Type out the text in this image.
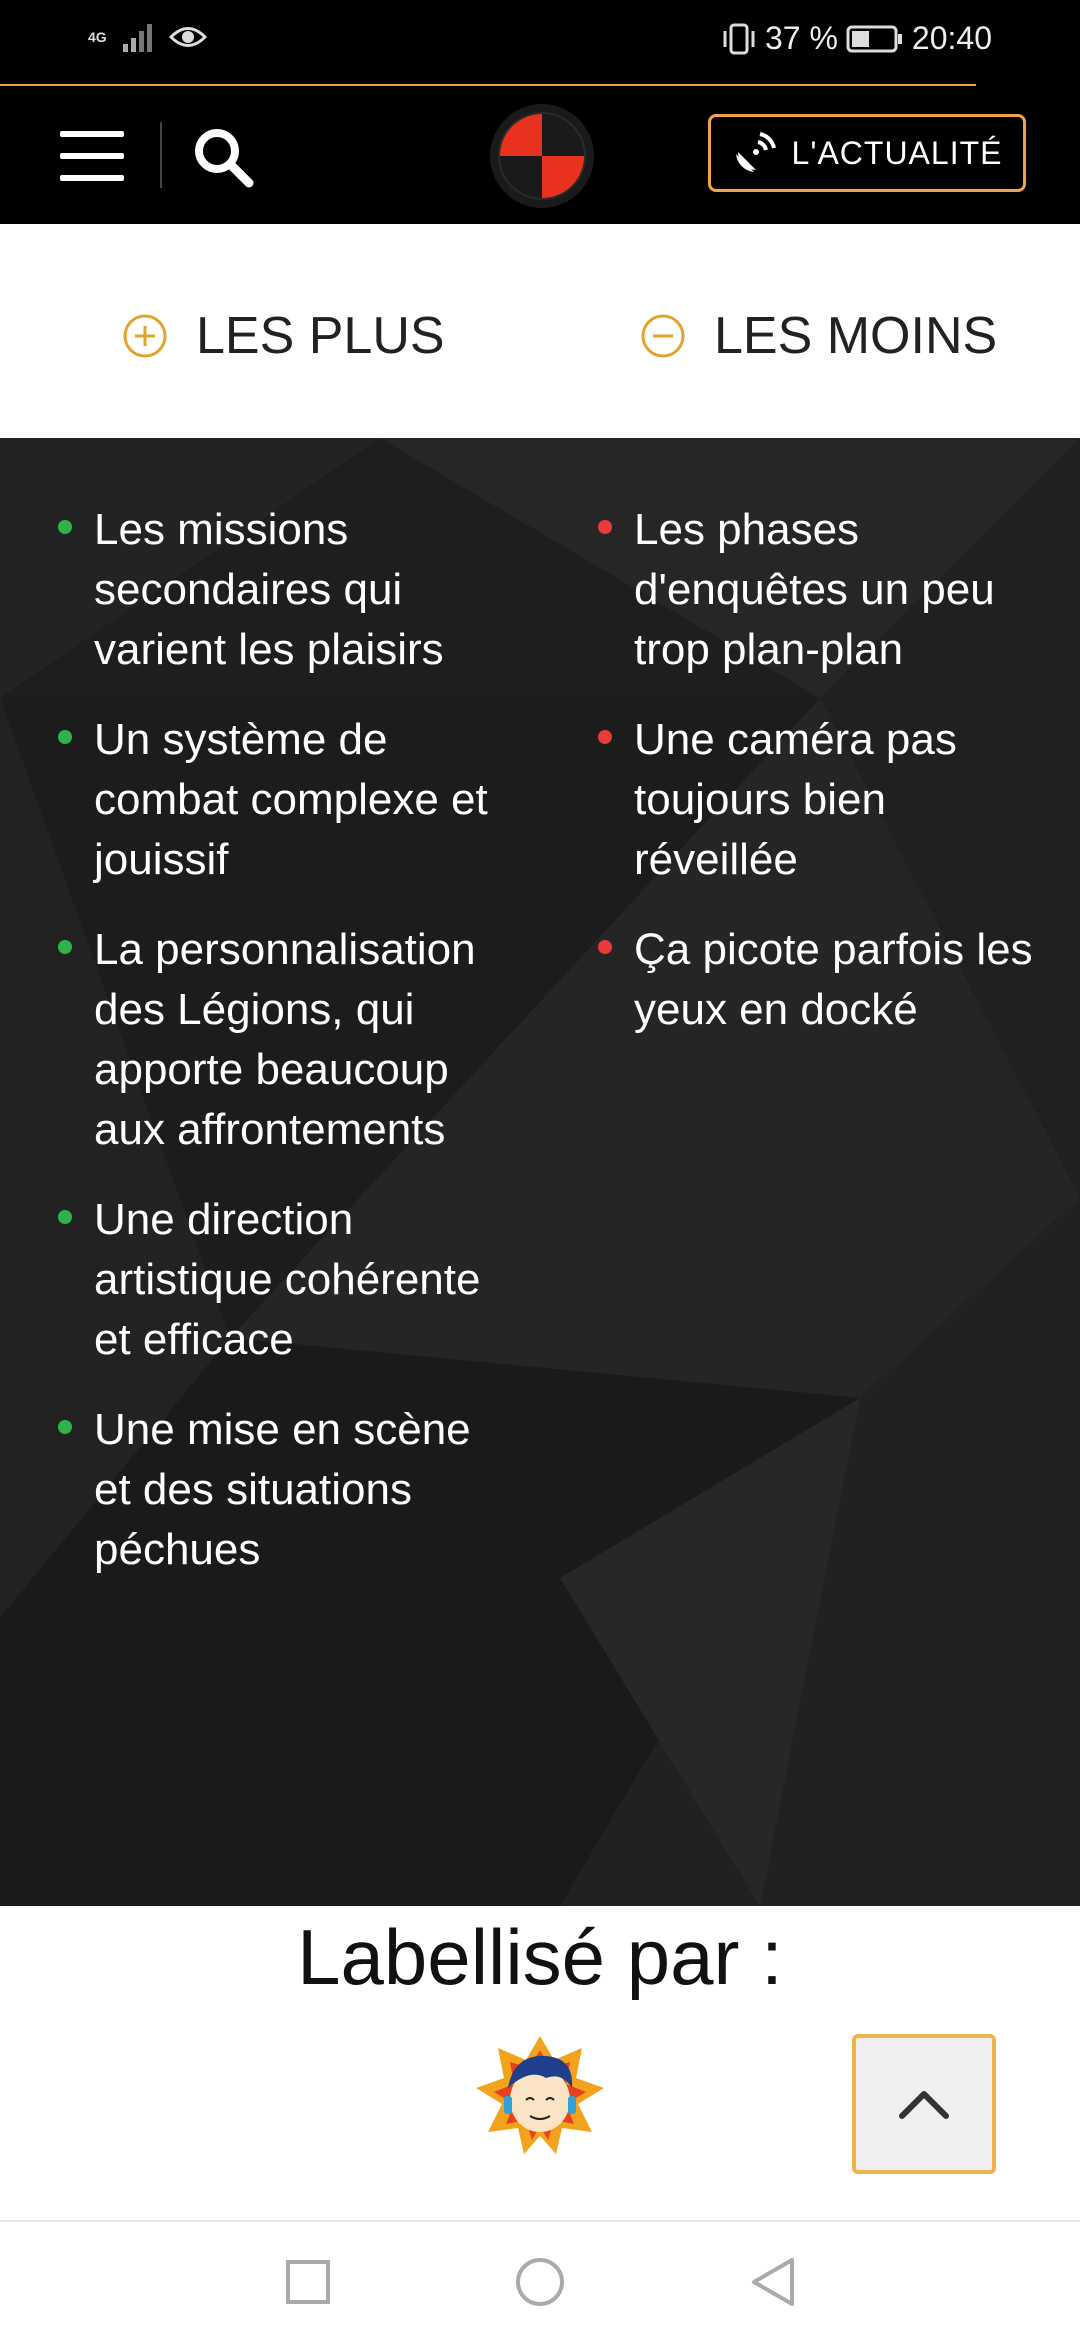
4G	37 % 20:40
L'ACTUALITÉ
LES PLUS	LES MOINS
Les missions secondaires qui varient les plaisirs
Un système de combat complexe et jouissif
La personnalisation des Légions, qui apporte beaucoup aux affrontements
Une direction artistique cohérente et efficace
Une mise en scène et des situations péchues
Les phases d'enquêtes un peu trop plan-plan
Une caméra pas toujours bien réveillée
Ça picote parfois les yeux en docké
Labellisé par :
